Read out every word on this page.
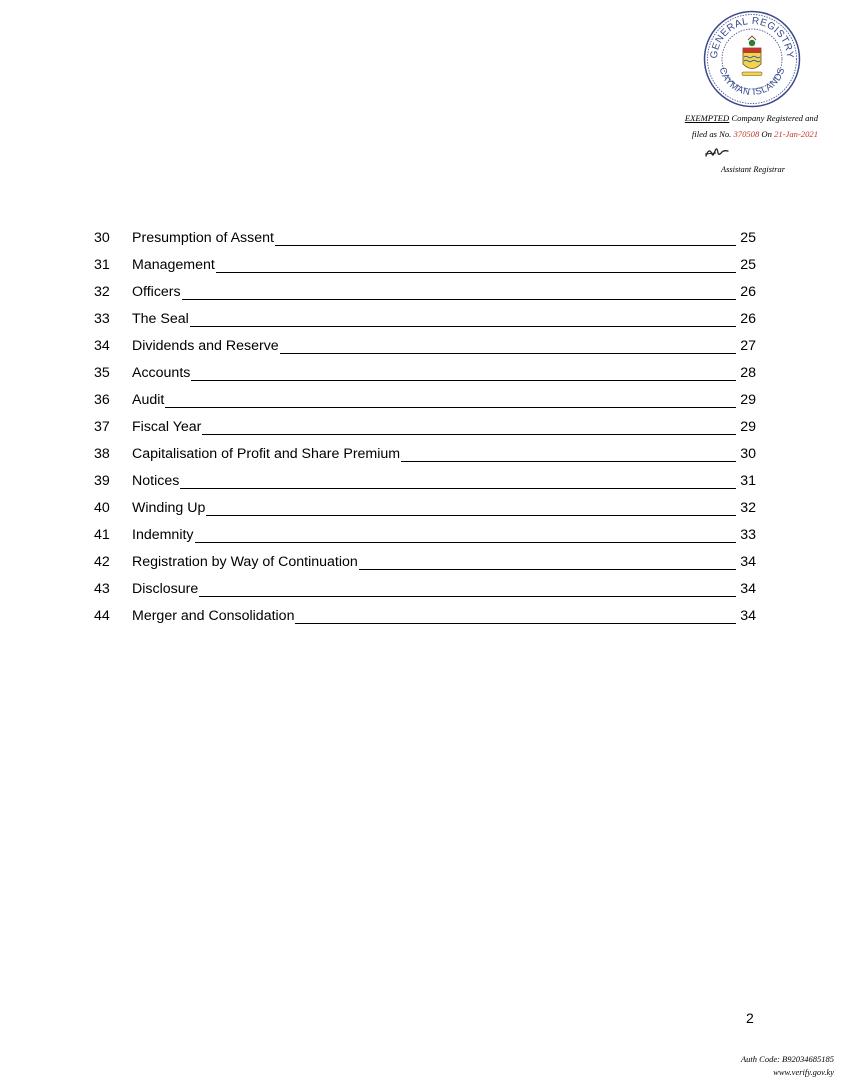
GENERAL REGISTRY
CAYMAN ISLANDS
EXEMPTED Company Registered and
filed as No. 370508 On 21-Jan-2021
Assistant Registrar
30	Presumption of Assent	25
31	Management	25
32	Officers	26
33	The Seal	26
34	Dividends and Reserve	27
35	Accounts	28
36	Audit	29
37	Fiscal Year	29
38	Capitalisation of Profit and Share Premium	30
39	Notices	31
40	Winding Up	32
41	Indemnity	33
42	Registration by Way of Continuation	34
43	Disclosure	34
44	Merger and Consolidation	34
2
Auth Code: B92034685185
www.verify.gov.ky
